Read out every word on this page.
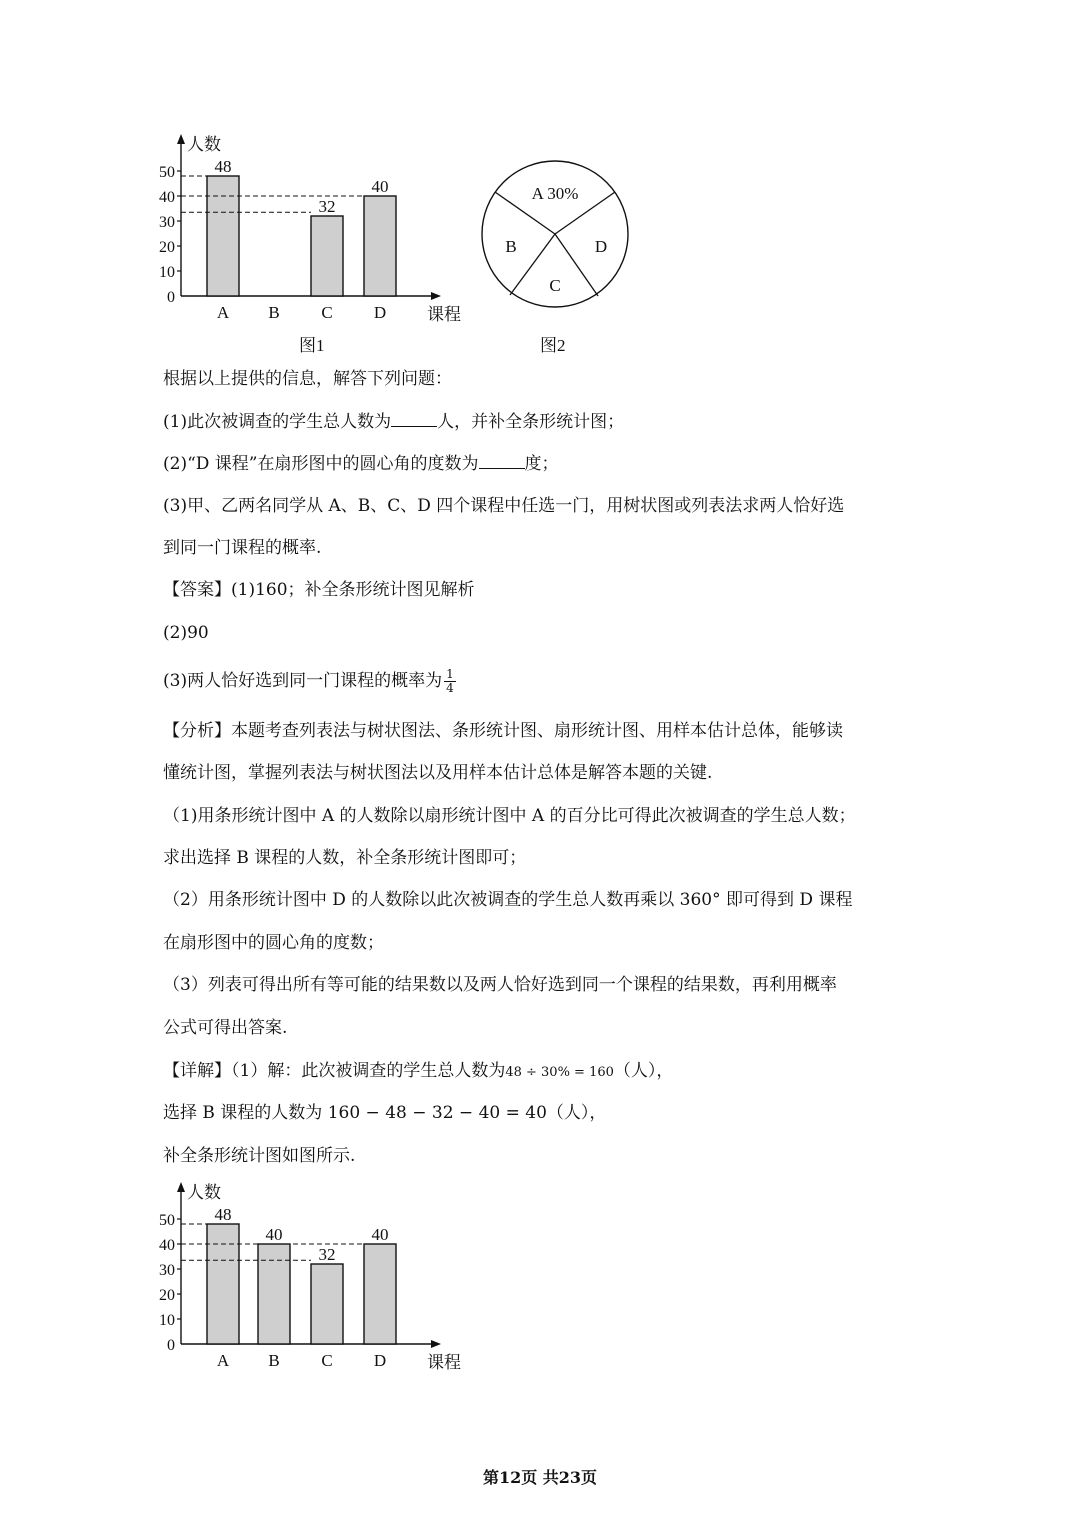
人数
课程
0
10
20
30
40
50
A
48
B C
32
D
40
图1
A 30%
B
C
D
图2
根据以上提供的信息，解答下列问题：
(1)此次被调查的学生总人数为	人，并补全条形统计图；
(2)“D 课程”在扇形图中的圆心角的度数为	度；
(3)甲、乙两名同学从 A、B、C、D 四个课程中任选一门，用树状图或列表法求两人恰好选
到同一门课程的概率.
【答案】(1)160；补全条形统计图见解析
(2)90
(3)两人恰好选到同一门课程的概率为 $\frac{1}{4}$
【分析】本题考查列表法与树状图法、条形统计图、扇形统计图、用样本估计总体，能够读
懂统计图，掌握列表法与树状图法以及用样本估计总体是解答本题的关键.
（1)用条形统计图中 A 的人数除以扇形统计图中 A 的百分比可得此次被调查的学生总人数；
求出选择 B 课程的人数，补全条形统计图即可；
（2）用条形统计图中 D 的人数除以此次被调查的学生总人数再乘以 360° 即可得到 D 课程
在扇形图中的圆心角的度数；
（3）列表可得出所有等可能的结果数以及两人恰好选到同一个课程的结果数，再利用概率
公式可得出答案.
【详解】（1）解：此次被调查的学生总人数为48 ÷ 30% = 160（人），
选择 B 课程的人数为 160 − 48 − 32 − 40 = 40（人），
补全条形统计图如图所示.
人数
课程
0
10
20
30
40
50
A
48
B
40
C
32
D
40
第12页 共23页
